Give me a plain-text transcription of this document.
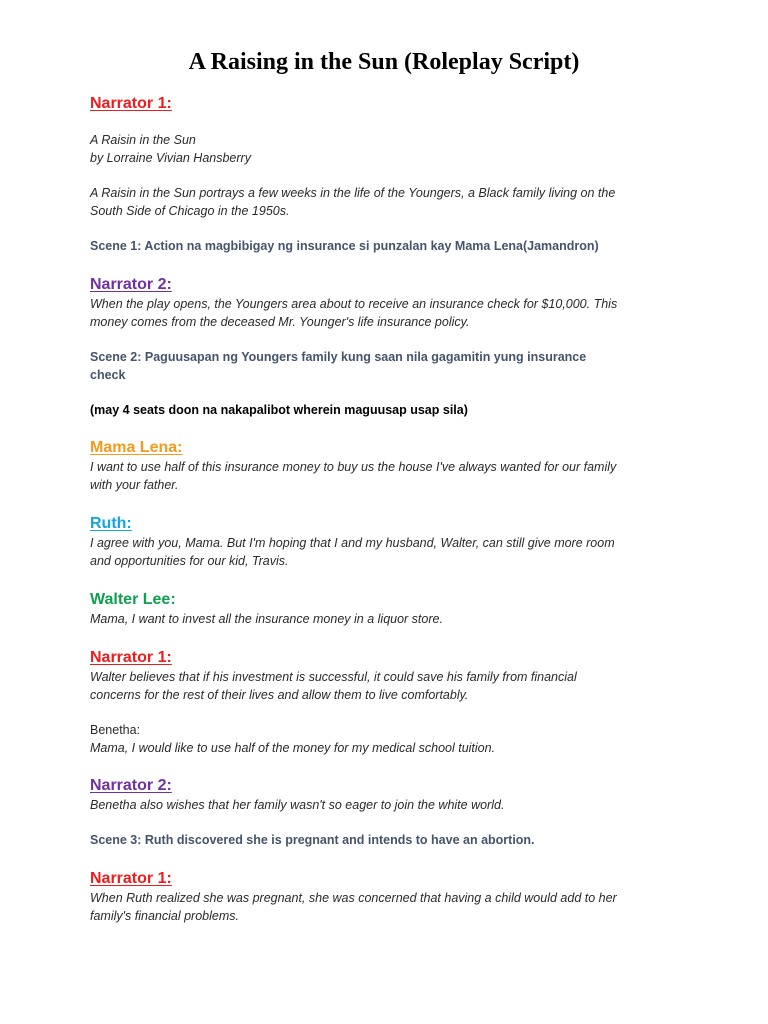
A Raising in the Sun (Roleplay Script)
Narrator 1:
A Raisin in the Sun
by Lorraine Vivian Hansberry
A Raisin in the Sun portrays a few weeks in the life of the Youngers, a Black family living on the
South Side of Chicago in the 1950s.
Scene 1: Action na magbibigay ng insurance si punzalan kay Mama Lena(Jamandron)
Narrator 2:
When the play opens, the Youngers area about to receive an insurance check for $10,000. This
money comes from the deceased Mr. Younger's life insurance policy.
Scene 2: Paguusapan ng Youngers family kung saan nila gagamitin yung insurance
check
(may 4 seats doon na nakapalibot wherein maguusap usap sila)
Mama Lena:
I want to use half of this insurance money to buy us the house I've always wanted for our family
with your father.
Ruth:
I agree with you, Mama. But I'm hoping that I and my husband, Walter, can still give more room
and opportunities for our kid, Travis.
Walter Lee:
Mama, I want to invest all the insurance money in a liquor store.
Narrator 1:
Walter believes that if his investment is successful, it could save his family from financial
concerns for the rest of their lives and allow them to live comfortably.
Benetha:
Mama, I would like to use half of the money for my medical school tuition.
Narrator 2:
Benetha also wishes that her family wasn't so eager to join the white world.
Scene 3: Ruth discovered she is pregnant and intends to have an abortion.
Narrator 1:
When Ruth realized she was pregnant, she was concerned that having a child would add to her
family's financial problems.
